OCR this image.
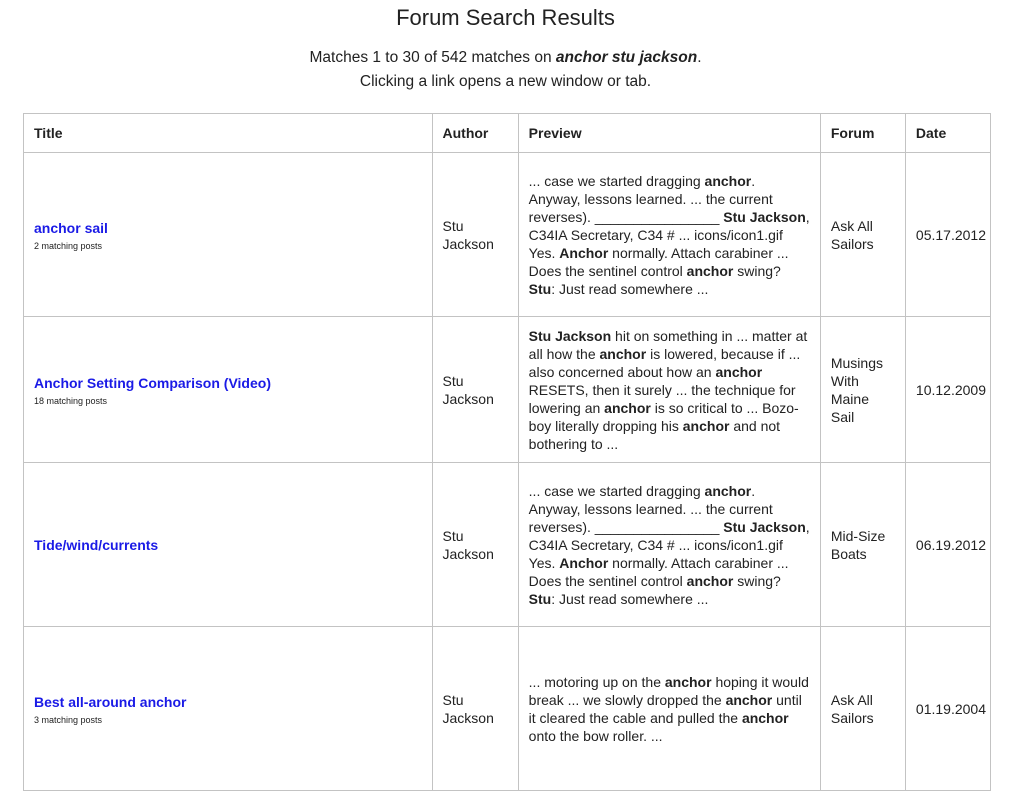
Forum Search Results
Matches 1 to 30 of 542 matches on anchor stu jackson.
Clicking a link opens a new window or tab.
Title	Author	Preview	Forum	Date

anchor sail
2 matching posts	Stu Jackson	... case we started dragging anchor. Anyway, lessons learned. ... the current reverses). ________________ Stu Jackson, C34IA Secretary, C34 # ... icons/icon1.gif Yes. Anchor normally. Attach carabiner ... Does the sentinel control anchor swing? Stu: Just read somewhere ...	Ask All Sailors	05.17.2012

Anchor Setting Comparison (Video)
18 matching posts	Stu Jackson	Stu Jackson hit on something in ... matter at all how the anchor is lowered, because if ... also concerned about how an anchor RESETS, then it surely ... the technique for lowering an anchor is so critical to ... Bozo-boy literally dropping his anchor and not bothering to ...	Musings With Maine Sail	10.12.2009

Tide/wind/currents	Stu Jackson	... case we started dragging anchor. Anyway, lessons learned. ... the current reverses). ________________ Stu Jackson, C34IA Secretary, C34 # ... icons/icon1.gif Yes. Anchor normally. Attach carabiner ... Does the sentinel control anchor swing? Stu: Just read somewhere ...	Mid-Size Boats	06.19.2012

Best all-around anchor
3 matching posts	Stu Jackson	... motoring up on the anchor hoping it would break ... we slowly dropped the anchor until it cleared the cable and pulled the anchor onto the bow roller. ...	Ask All Sailors	01.19.2004
